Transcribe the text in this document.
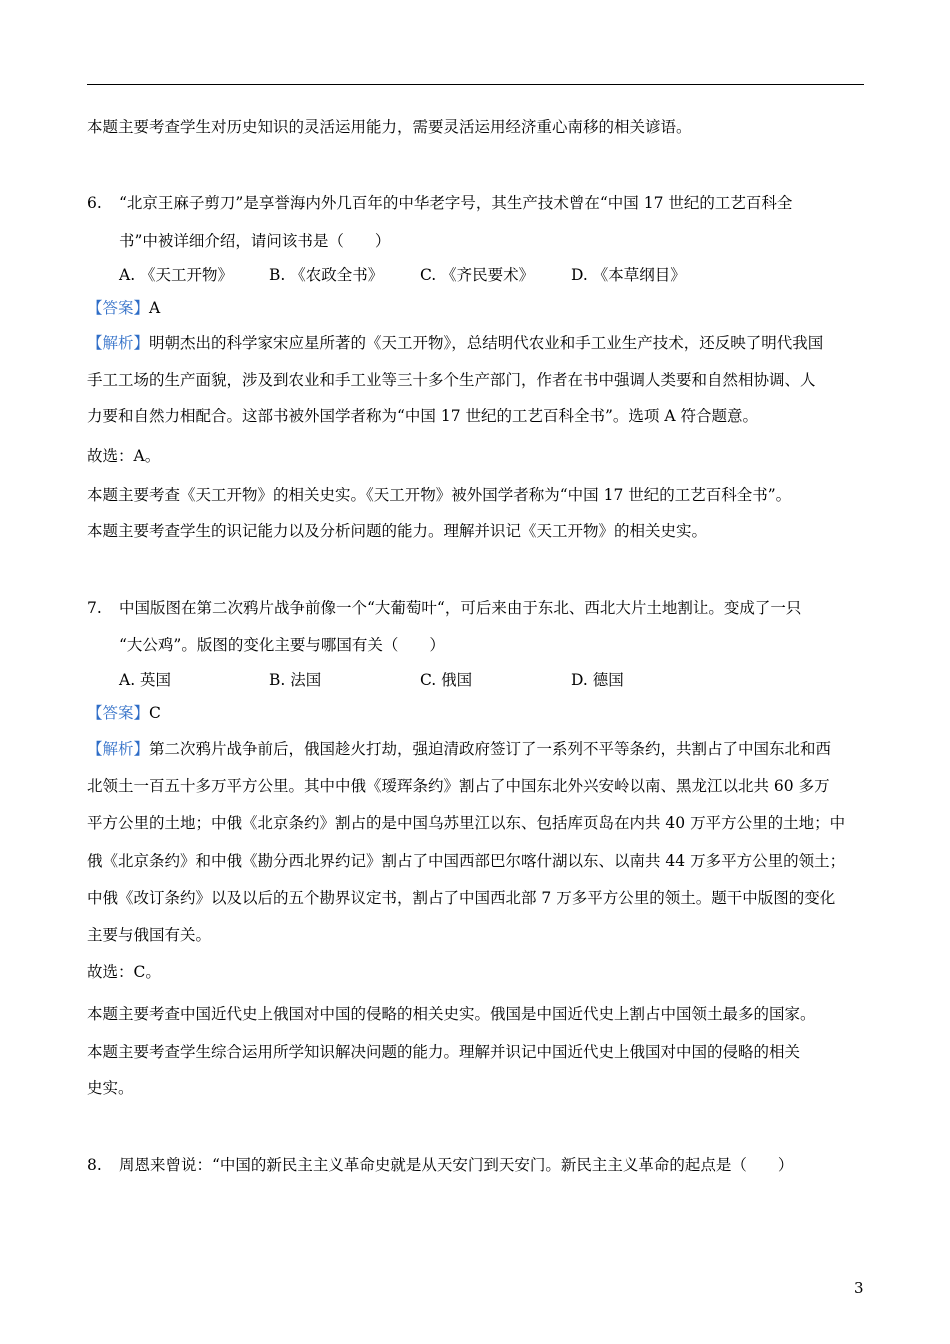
本题主要考查学生对历史知识的灵活运用能力，需要灵活运用经济重心南移的相关谚语。
6. “北京王麻子剪刀”是享誉海内外几百年的中华老字号，其生产技术曾在“中国 17 世纪的工艺百科全
书”中被详细介绍，请问该书是（　　）
A. 《天工开物》 B. 《农政全书》 C. 《齐民要术》 D. 《本草纲目》
【答案】A
【解析】明朝杰出的科学家宋应星所著的《天工开物》，总结明代农业和手工业生产技术，还反映了明代我国
手工工场的生产面貌，涉及到农业和手工业等三十多个生产部门，作者在书中强调人类要和自然相协调、人
力要和自然力相配合。这部书被外国学者称为“中国 17 世纪的工艺百科全书”。选项 A 符合题意。
故选：A。
本题主要考查《天工开物》的相关史实。《天工开物》被外国学者称为“中国 17 世纪的工艺百科全书”。
本题主要考查学生的识记能力以及分析问题的能力。理解并识记《天工开物》的相关史实。
7. 中国版图在第二次鸦片战争前像一个“大葡萄叶“，可后来由于东北、西北大片土地割让。变成了一只
“大公鸡”。版图的变化主要与哪国有关（　　）
A. 英国	B. 法国	C. 俄国	D. 德国
【答案】C
【解析】第二次鸦片战争前后，俄国趁火打劫，强迫清政府签订了一系列不平等条约，共割占了中国东北和西
北领土一百五十多万平方公里。其中中俄《瑷珲条约》割占了中国东北外兴安岭以南、黑龙江以北共 60 多万
平方公里的土地；中俄《北京条约》割占的是中国乌苏里江以东、包括库页岛在内共 40 万平方公里的土地；中
俄《北京条约》和中俄《勘分西北界约记》割占了中国西部巴尔喀什湖以东、以南共 44 万多平方公里的领土；
中俄《改订条约》以及以后的五个勘界议定书，割占了中国西北部 7 万多平方公里的领土。题干中版图的变化
主要与俄国有关。
故选：C。
本题主要考查中国近代史上俄国对中国的侵略的相关史实。俄国是中国近代史上割占中国领土最多的国家。
本题主要考查学生综合运用所学知识解决问题的能力。理解并识记中国近代史上俄国对中国的侵略的相关
史实。
8. 周恩来曾说：“中国的新民主主义革命史就是从天安门到天安门。新民主主义革命的起点是（　　）
3
